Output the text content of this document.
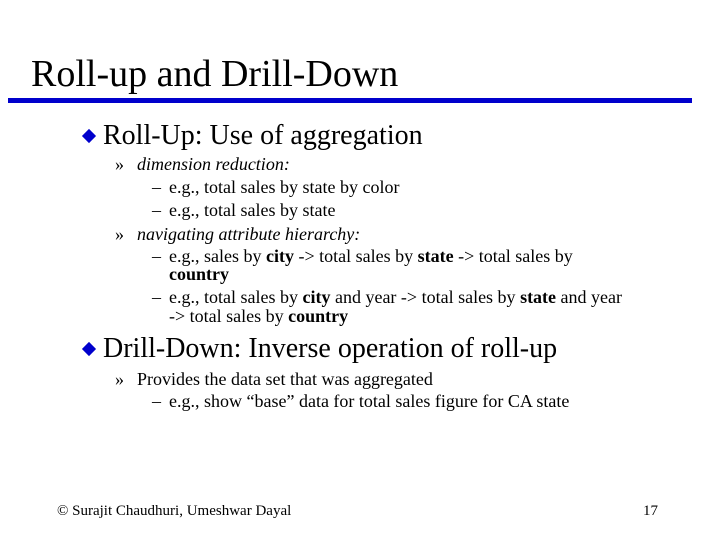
Roll-up and Drill-Down
Roll-Up: Use of aggregation
» dimension reduction:
– e.g., total sales by state by color
– e.g., total sales by state
» navigating attribute hierarchy:
– e.g., sales by city -> total sales by state -> total sales by
country
– e.g., total sales by city and year -> total sales by state and year
-> total sales by country
Drill-Down: Inverse operation of roll-up
» Provides the data set that was aggregated
– e.g., show “base” data for total sales figure for CA state
© Surajit Chaudhuri, Umeshwar Dayal	17
